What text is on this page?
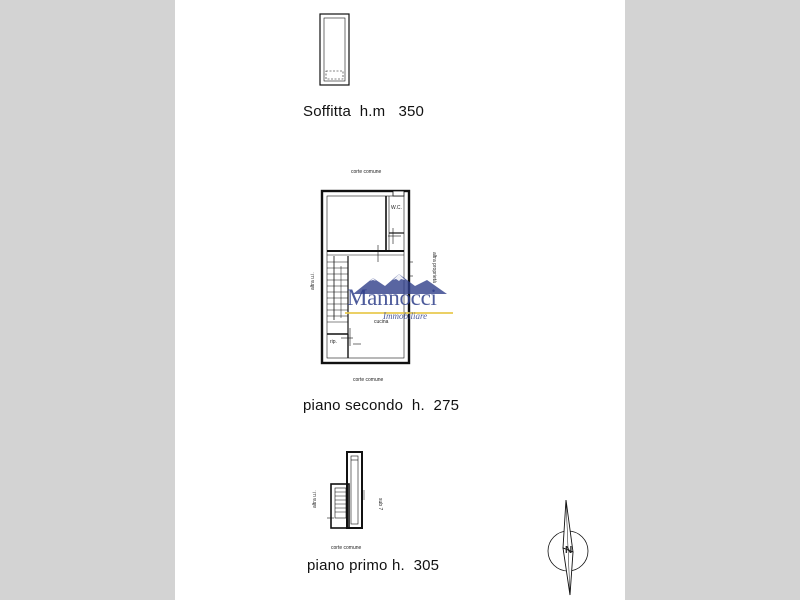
Soffitta  h.m   350
piano secondo  h.  275
piano primo h.  305
corte comune
corte comune
corte comune
W.C.
rip.
cucina
altra u.i.
altra u.i.	sub 7
altra proprietà
N
Mannocci
Immobiliare
